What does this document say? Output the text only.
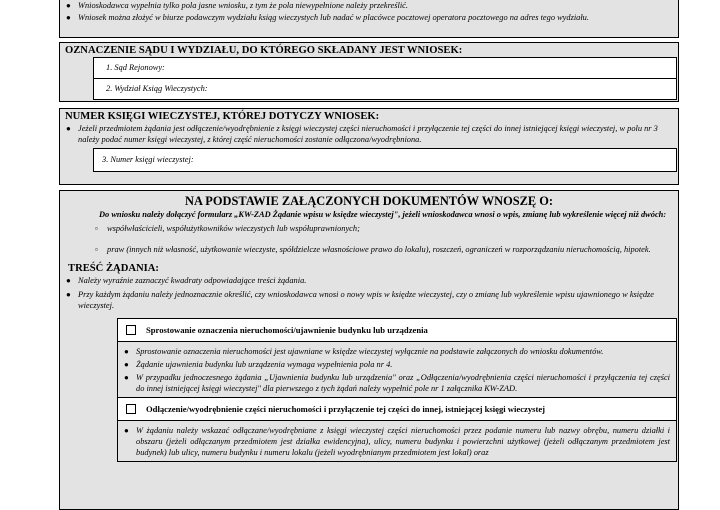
● Wnioskodawca wypełnia tylko pola jasne wniosku, z tym że pola niewypełnione należy przekreślić.
● Wniosek można złożyć w biurze podawczym wydziału ksiąg wieczystych lub nadać w placówce pocztowej operatora pocztowego na adres tego wydziału.
OZNACZENIE SĄDU I WYDZIAŁU, DO KTÓREGO SKŁADANY JEST WNIOSEK:
1. Sąd Rejonowy:
2. Wydział Ksiąg Wieczystych:
NUMER KSIĘGI WIECZYSTEJ, KTÓREJ DOTYCZY WNIOSEK:
● Jeżeli przedmiotem żądania jest odłączenie/wyodrębnienie z księgi wieczystej części nieruchomości i przyłączenie tej części do innej istniejącej księgi wieczystej, w polu nr 3 należy podać numer księgi wieczystej, z której część nieruchomości zostanie odłączona/wyodrębniona.
3. Numer księgi wieczystej:
NA PODSTAWIE ZAŁĄCZONYCH DOKUMENTÓW WNOSZĘ O:
Do wniosku należy dołączyć formularz „KW-ZAD Żądanie wpisu w księdze wieczystej", jeżeli wnioskodawca wnosi o wpis, zmianę lub wykreślenie więcej niż dwóch:
▫ współwłaścicieli, współużytkowników wieczystych lub współuprawnionych;
▫ praw (innych niż własność, użytkowanie wieczyste, spółdzielcze własnościowe prawo do lokalu), roszczeń, ograniczeń w rozporządzaniu nieruchomością, hipotek.
TREŚĆ ŻĄDANIA:
● Należy wyraźnie zaznaczyć kwadraty odpowiadające treści żądania.
● Przy każdym żądaniu należy jednoznacznie określić, czy wnioskodawca wnosi o nowy wpis w księdze wieczystej, czy o zmianę lub wykreślenie wpisu ujawnionego w księdze wieczystej.
Sprostowanie oznaczenia nieruchomości/ujawnienie budynku lub urządzenia
● Sprostowanie oznaczenia nieruchomości jest ujawniane w księdze wieczystej wyłącznie na podstawie załączonych do wniosku dokumentów.
● Żądanie ujawnienia budynku lub urządzenia wymaga wypełnienia pola nr 4.
● W przypadku jednoczesnego żądania „Ujawnienia budynku lub urządzenia" oraz „Odłączenia/wyodrębnienia części nieruchomości i przyłączenia tej części do innej istniejącej księgi wieczystej" dla pierwszego z tych żądań należy wypełnić pole nr 1 załącznika KW-ZAD.
Odłączenie/wyodrębnienie części nieruchomości i przyłączenie tej części do innej, istniejącej księgi wieczystej
● W żądaniu należy wskazać odłączane/wyodrębniane z księgi wieczystej części nieruchomości przez podanie numeru lub nazwy obrębu, numeru działki i obszaru (jeżeli odłączanym przedmiotem jest działka ewidencyjna), ulicy, numeru budynku i powierzchni użytkowej (jeżeli odłączanym przedmiotem jest budynek) lub ulicy, numeru budynku i numeru lokalu (jeżeli wyodrębnianym przedmiotem jest lokal) oraz
